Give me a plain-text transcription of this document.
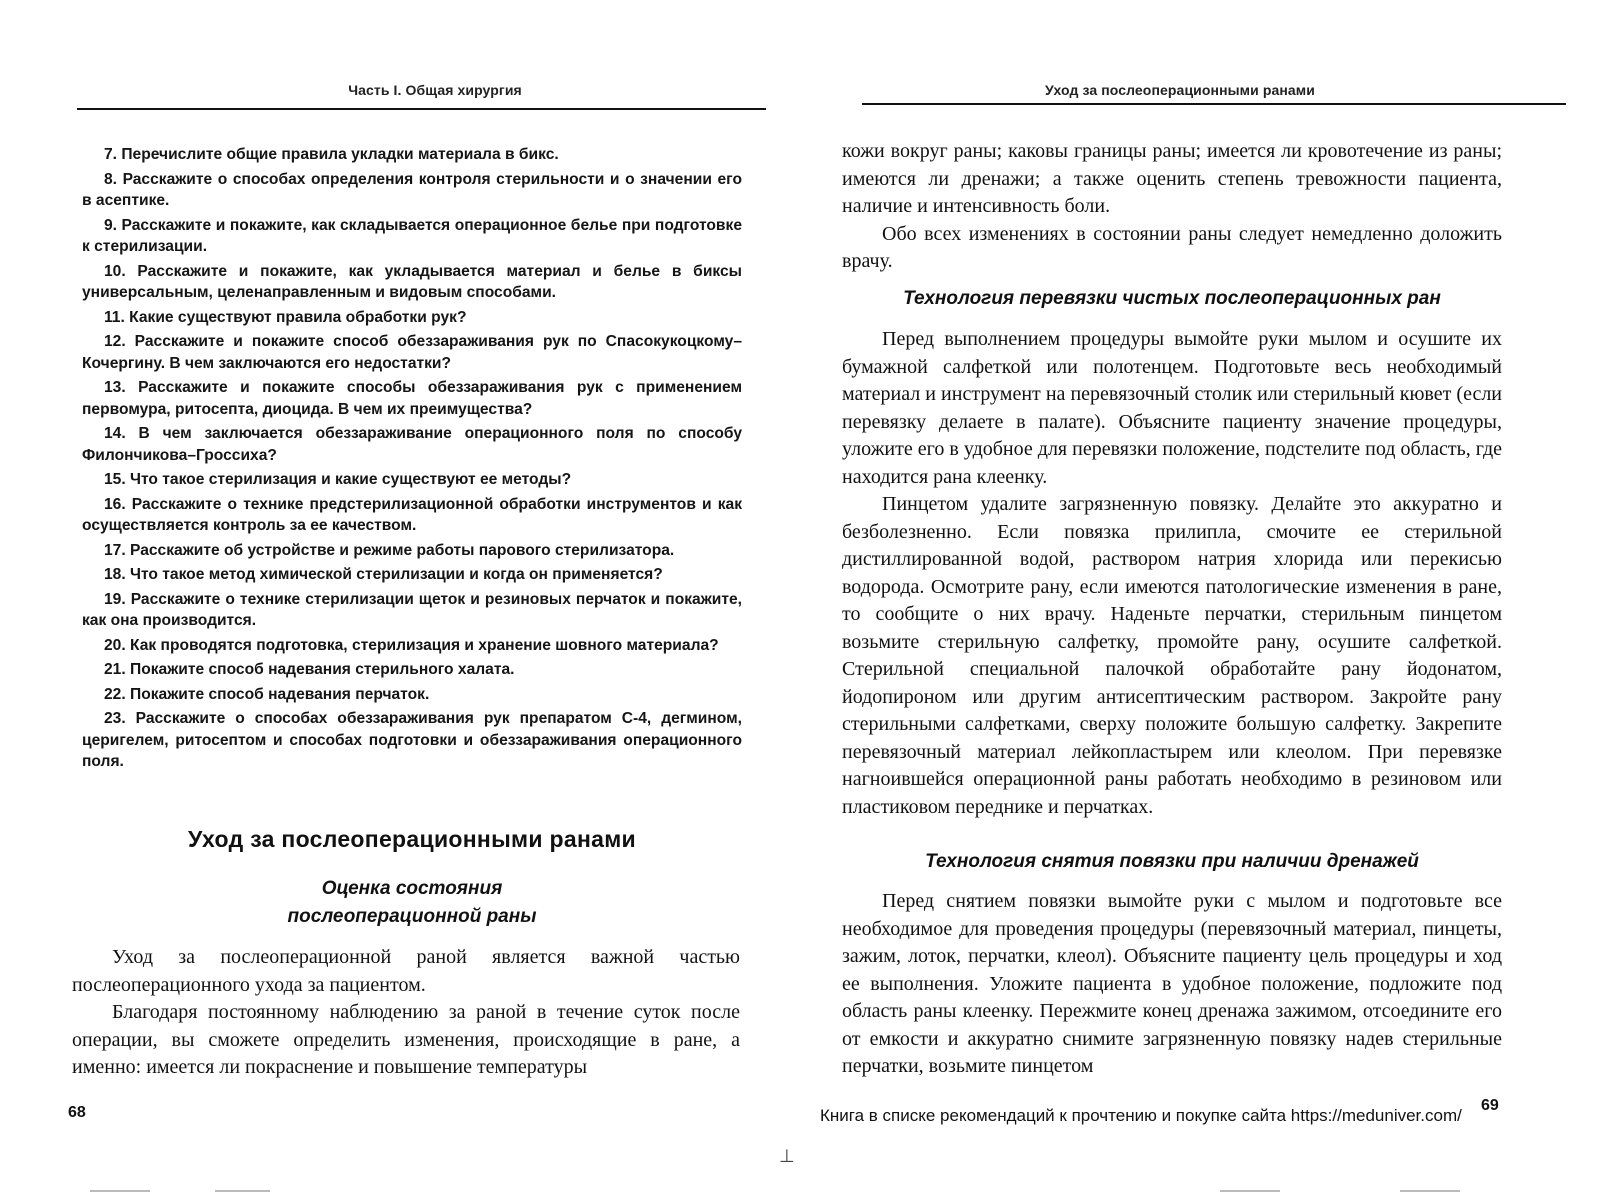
Часть I. Общая хирургия

7. Перечислите общие правила укладки материала в бикс.

8. Расскажите о способах определения контроля стерильности и о значении его в асептике.

9. Расскажите и покажите, как складывается операционное белье при подготовке к стерилизации.

10. Расскажите и покажите, как укладывается материал и белье в биксы универсальным, целенаправленным и видовым способами.

11. Какие существуют правила обработки рук?

12. Расскажите и покажите способ обеззараживания рук по Спасокукоцкому–Кочергину. В чем заключаются его недостатки?

13. Расскажите и покажите способы обеззараживания рук с применением первомура, ритосепта, диоцида. В чем их преимущества?

14. В чем заключается обеззараживание операционного поля по способу Филончикова–Гроссиха?

15. Что такое стерилизация и какие существуют ее методы?

16. Расскажите о технике предстерилизационной обработки инструментов и как осуществляется контроль за ее качеством.

17. Расскажите об устройстве и режиме работы парового стерилизатора.

18. Что такое метод химической стерилизации и когда он применяется?

19. Расскажите о технике стерилизации щеток и резиновых перчаток и покажите, как она производится.

20. Как проводятся подготовка, стерилизация и хранение шовного материала?

21. Покажите способ надевания стерильного халата.

22. Покажите способ надевания перчаток.

23. Расскажите о способах обеззараживания рук препаратом С-4, дегмином, церигелем, ритосептом и способах подготовки и обеззараживания операционного поля.

Уход за послеоперационными ранами
Оценка состояния
послеоперационной раны

Уход за послеоперационной раной является важной частью послеоперационного ухода за пациентом.

Благодаря постоянному наблюдению за раной в течение суток после операции, вы сможете определить изменения, происходящие в ране, а именно: имеется ли покраснение и повышение температуры

68
⊥
Уход за послеоперационными ранами

кожи вокруг раны; каковы границы раны; имеется ли кровотечение из раны; имеются ли дренажи; а также оценить степень тревожности пациента, наличие и интенсивность боли.

Обо всех изменениях в состоянии раны следует немедленно доложить врачу.

Технология перевязки чистых послеоперационных ран

Перед выполнением процедуры вымойте руки мылом и осушите их бумажной салфеткой или полотенцем. Подготовьте весь необходимый материал и инструмент на перевязочный столик или стерильный кювет (если перевязку делаете в палате). Объясните пациенту значение процедуры, уложите его в удобное для перевязки положение, подстелите под область, где находится рана клеенку.

Пинцетом удалите загрязненную повязку. Делайте это аккуратно и безболезненно. Если повязка прилипла, смочите ее стерильной дистиллированной водой, раствором натрия хлорида или перекисью водорода. Осмотрите рану, если имеются патологические изменения в ране, то сообщите о них врачу. Наденьте перчатки, стерильным пинцетом возьмите стерильную салфетку, промойте рану, осушите салфеткой. Стерильной специальной палочкой обработайте рану йодонатом, йодопироном или другим антисептическим раствором. Закройте рану стерильными салфетками, сверху положите большую салфетку. Закрепите перевязочный материал лейкопластырем или клеолом. При перевязке нагноившейся операционной раны работать необходимо в резиновом или пластиковом переднике и перчатках.

Технология снятия повязки при наличии дренажей

Перед снятием повязки вымойте руки с мылом и подготовьте все необходимое для проведения процедуры (перевязочный материал, пинцеты, зажим, лоток, перчатки, клеол). Объясните пациенту цель процедуры и ход ее выполнения. Уложите пациента в удобное положение, подложите под область раны клеенку. Пережмите конец дренажа зажимом, отсоедините его от емкости и аккуратно снимите загрязненную повязку надев стерильные перчатки, возьмите пинцетом

Книга в списке рекомендаций к прочтению и покупке сайта https://meduniver.com/
69
